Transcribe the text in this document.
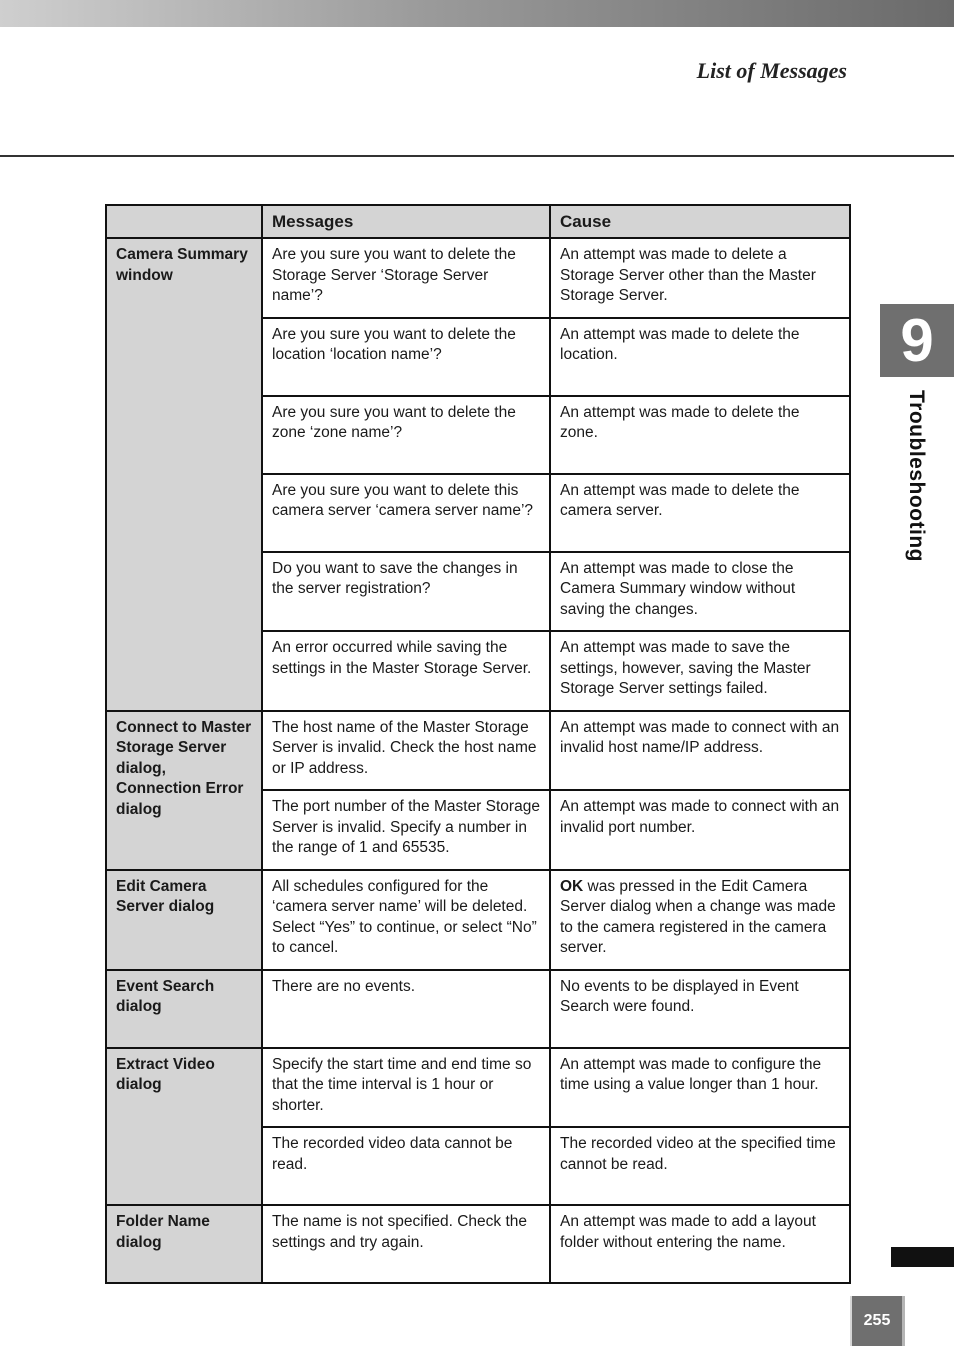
List of Messages
9
Troubleshooting
	Messages	Cause
Camera Summary window	Are you sure you want to delete the Storage Server ‘Storage Server name’?	An attempt was made to delete a Storage Server other than the Master Storage Server.
	Are you sure you want to delete the location ‘location name’?	An attempt was made to delete the location.
	Are you sure you want to delete the zone ‘zone name’?	An attempt was made to delete the zone.
	Are you sure you want to delete this camera server ‘camera server name’?	An attempt was made to delete the camera server.
	Do you want to save the changes in the server registration?	An attempt was made to close the Camera Summary window without saving the changes.
	An error occurred while saving the settings in the Master Storage Server.	An attempt was made to save the settings, however, saving the Master Storage Server settings failed.
Connect to Master Storage Server dialog, Connection Error dialog	The host name of the Master Storage Server is invalid. Check the host name or IP address.	An attempt was made to connect with an invalid host name/IP address.
	The port number of the Master Storage Server is invalid. Specify a number in the range of 1 and 65535.	An attempt was made to connect with an invalid port number.
Edit Camera Server dialog	All schedules configured for the ‘camera server name’ will be deleted. Select “Yes” to continue, or select “No” to cancel.	OK was pressed in the Edit Camera Server dialog when a change was made to the camera registered in the camera server.
Event Search dialog	There are no events.	No events to be displayed in Event Search were found.
Extract Video dialog	Specify the start time and end time so that the time interval is 1 hour or shorter.	An attempt was made to configure the time using a value longer than 1 hour.
	The recorded video data cannot be read.	The recorded video at the specified time cannot be read.
Folder Name dialog	The name is not specified. Check the settings and try again.	An attempt was made to add a layout folder without entering the name.
255
